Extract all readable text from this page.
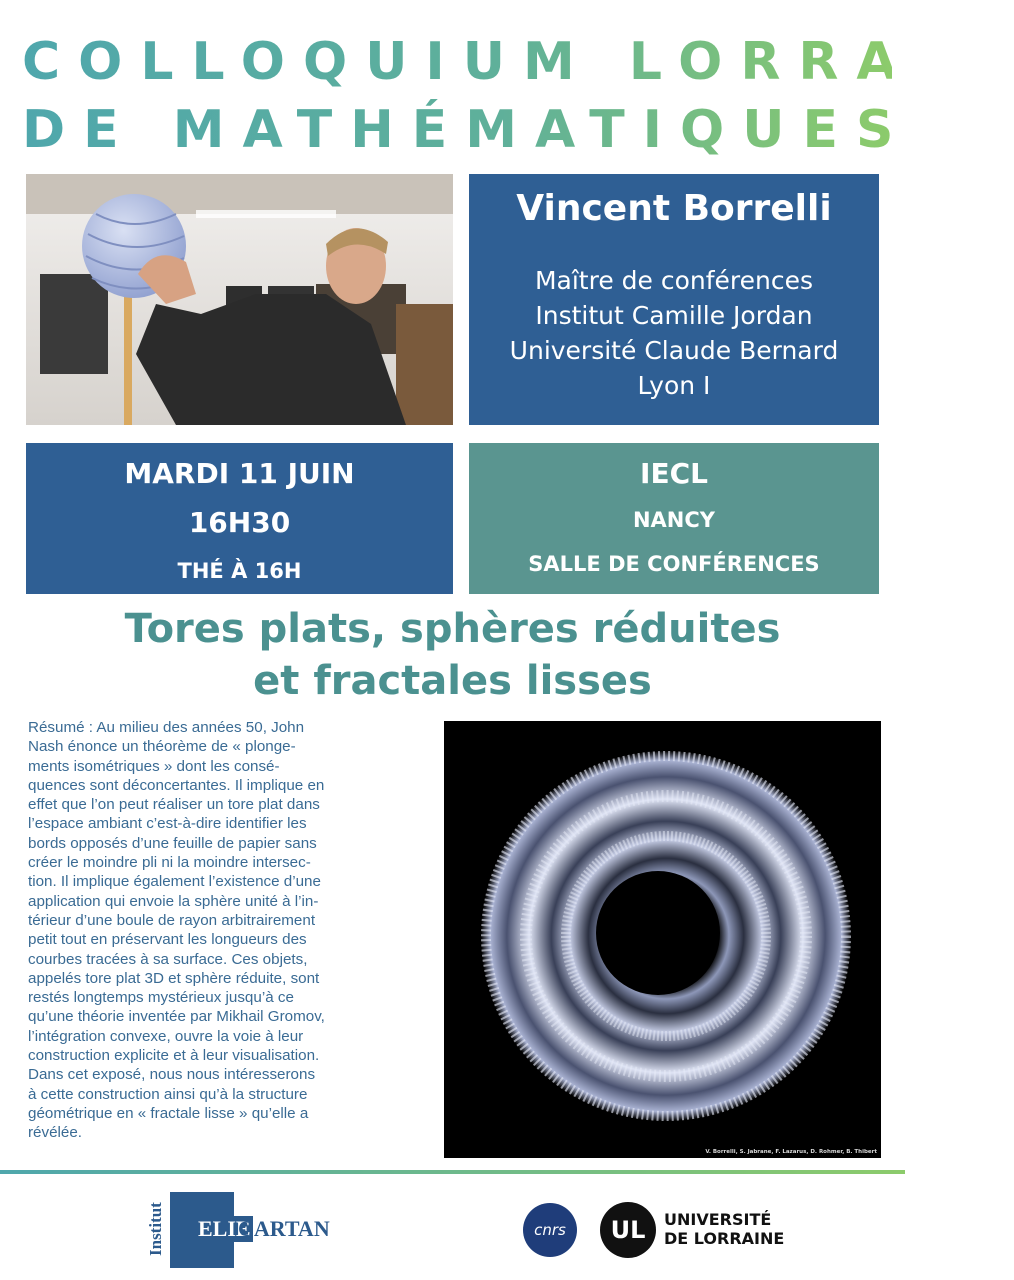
COLLOQUIUM LORRAIN
DE MATHÉMATIQUES
Vincent Borrelli
Maître de conférences
Institut Camille Jordan
Université Claude Bernard
Lyon I
MARDI 11 JUIN
16H30
THÉ À 16H
IECL
NANCY
SALLE DE CONFÉRENCES
Tores plats, sphères réduites
et fractales lisses
Résumé : Au milieu des années 50, John
Nash énonce un théorème de « plonge-
ments isométriques » dont les consé-
quences sont déconcertantes. Il implique en
effet que l’on peut réaliser un tore plat dans
l’espace ambiant c’est-à-dire identifier les
bords opposés d’une feuille de papier sans
créer le moindre pli ni la moindre intersec-
tion. Il implique également l’existence d’une
application qui envoie la sphère unité à l’in-
térieur d’une boule de rayon arbitrairement
petit tout en préservant les longueurs des
courbes tracées à sa surface. Ces objets,
appelés tore plat 3D et sphère réduite, sont
restés longtemps mystérieux jusqu’à ce
qu’une théorie inventée par Mikhail Gromov,
l’intégration convexe, ouvre la voie à leur
construction explicite et à leur visualisation.
Dans cet exposé, nous nous intéresserons
à cette construction ainsi qu’à la structure
géométrique en « fractale lisse » qu’elle a
révélée.
V. Borrelli, S. Jabrane, F. Lazarus, D. Rohmer, B. Thibert
Institut ELIE
CARTAN	cnrs	UL	UNIVERSITÉ
DE LORRAINE
